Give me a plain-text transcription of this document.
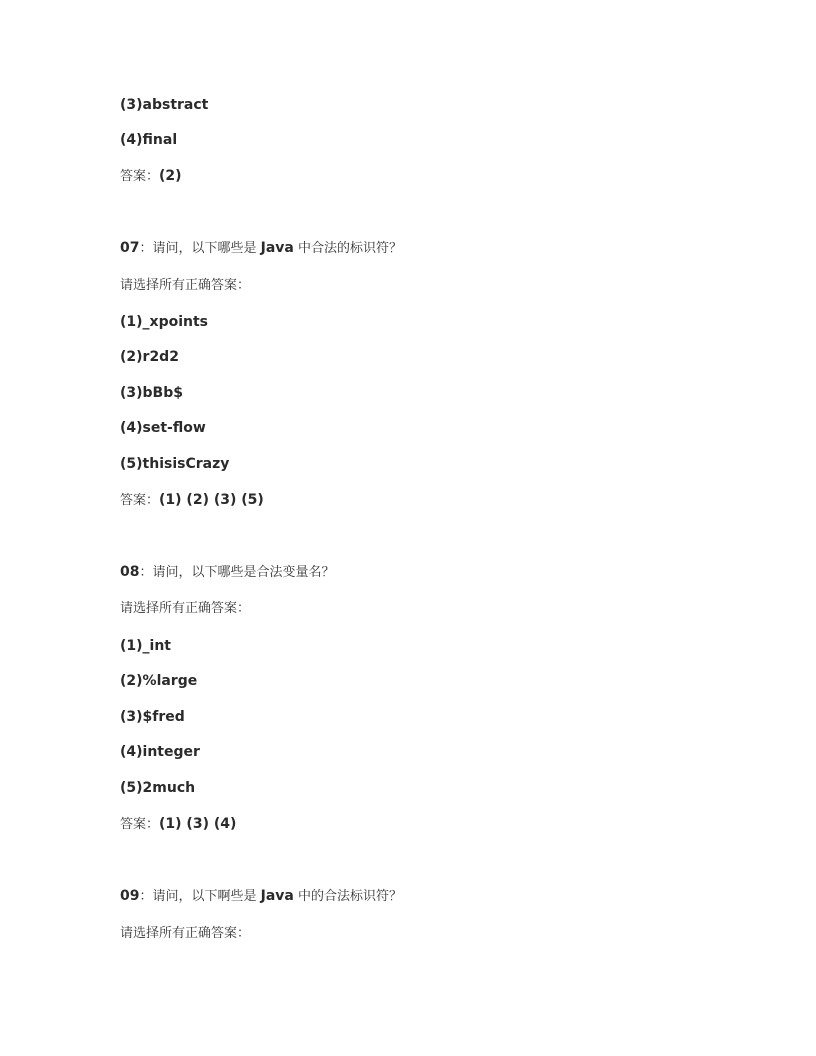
(3)abstract
(4)final
答案：(2)
07：请问，以下哪些是 Java 中合法的标识符？
请选择所有正确答案：
(1)_xpoints
(2)r2d2
(3)bBb$
(4)set-flow
(5)thisisCrazy
答案：(1) (2) (3) (5)
08：请问，以下哪些是合法变量名？
请选择所有正确答案：
(1)_int
(2)%large
(3)$fred
(4)integer
(5)2much
答案：(1) (3) (4)
09：请问，以下啊些是 Java 中的合法标识符？
请选择所有正确答案：
